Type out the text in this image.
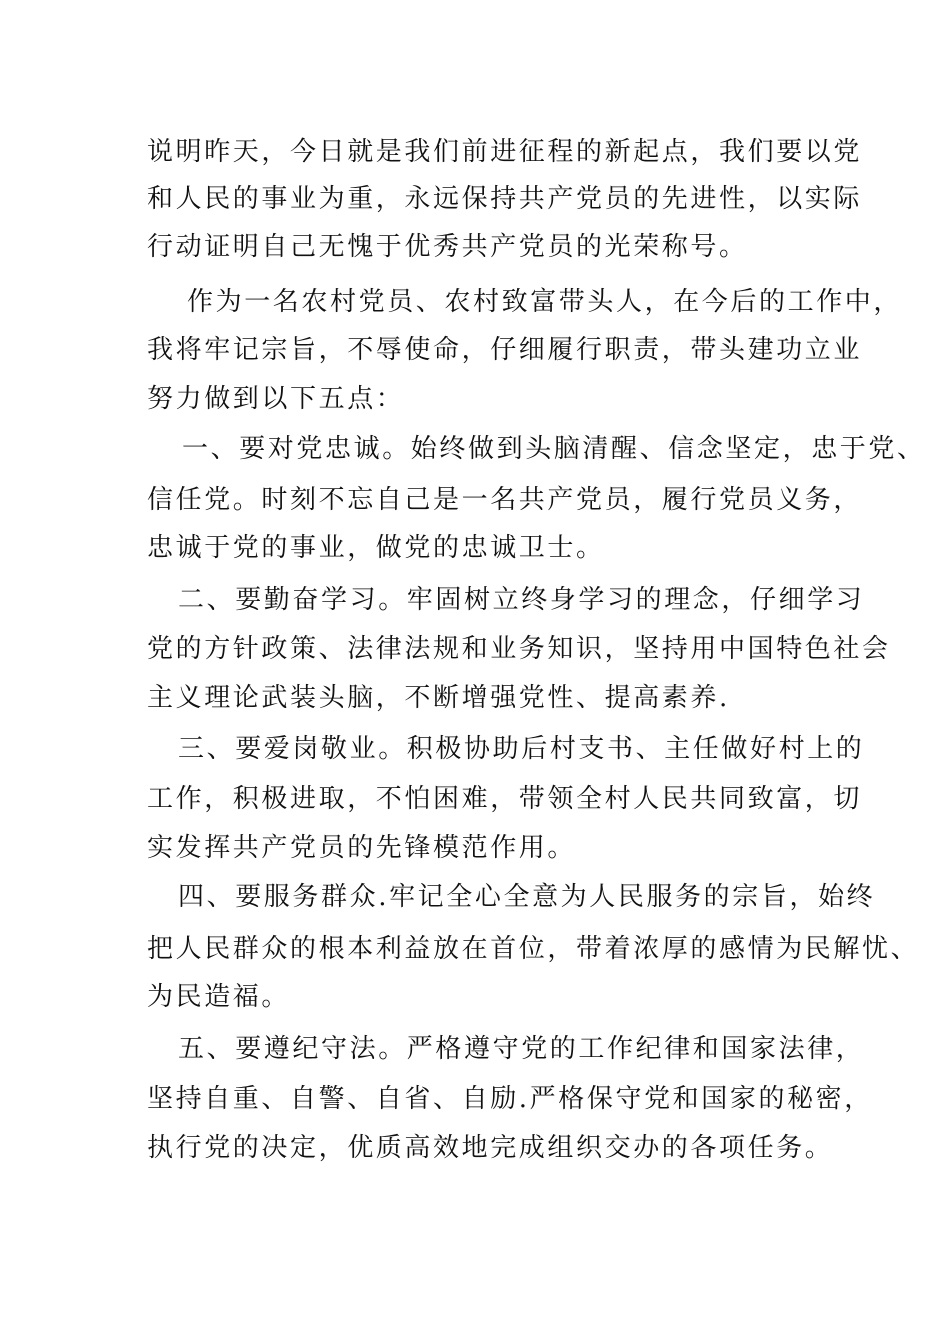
说明昨天，今日就是我们前进征程的新起点，我们要以党
和人民的事业为重，永远保持共产党员的先进性，以实际
行动证明自己无愧于优秀共产党员的光荣称号。
作为一名农村党员、农村致富带头人，在今后的工作中，
我将牢记宗旨，不辱使命，仔细履行职责，带头建功立业
努力做到以下五点：
一、要对党忠诚。始终做到头脑清醒、信念坚定，忠于党、
信任党。时刻不忘自己是一名共产党员，履行党员义务，
忠诚于党的事业，做党的忠诚卫士。
二、要勤奋学习。牢固树立终身学习的理念，仔细学习
党的方针政策、法律法规和业务知识，坚持用中国特色社会
主义理论武装头脑，不断增强党性、提高素养.
三、要爱岗敬业。积极协助后村支书、主任做好村上的
工作，积极进取，不怕困难，带领全村人民共同致富，切
实发挥共产党员的先锋模范作用。
四、要服务群众.牢记全心全意为人民服务的宗旨，始终
把人民群众的根本利益放在首位，带着浓厚的感情为民解忧、
为民造福。
五、要遵纪守法。严格遵守党的工作纪律和国家法律，
坚持自重、自警、自省、自励.严格保守党和国家的秘密，
执行党的决定，优质高效地完成组织交办的各项任务。
